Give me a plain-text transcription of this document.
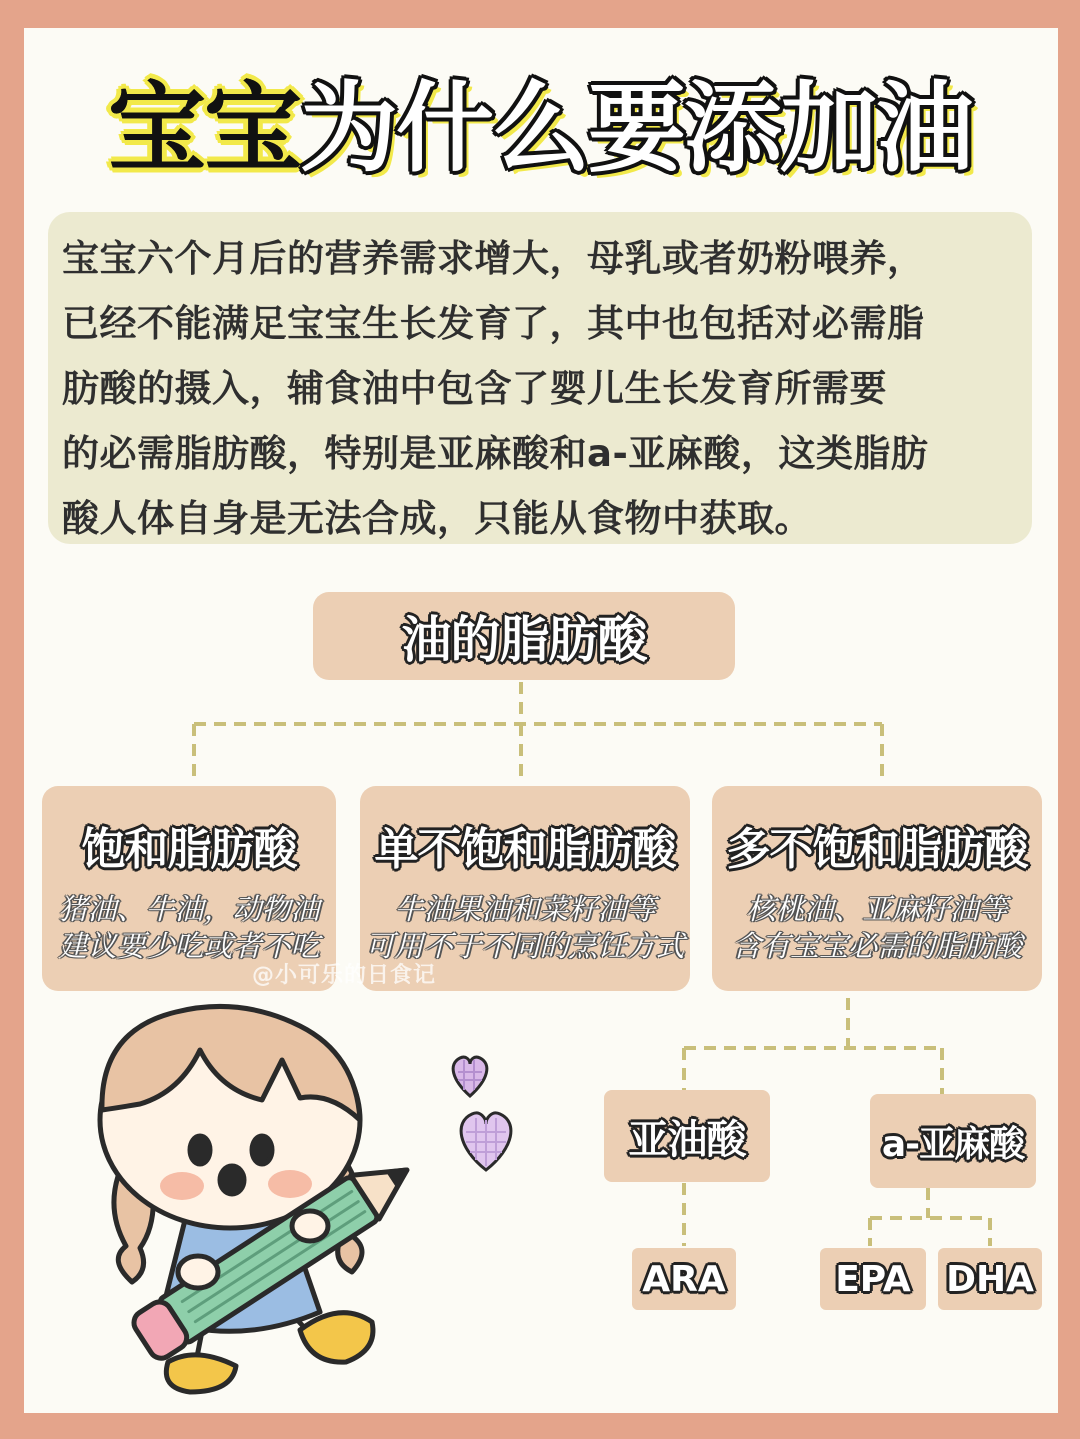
宝宝 为什么要添加油
宝宝六个月后的营养需求增大，母乳或者奶粉喂养，
已经不能满足宝宝生长发育了，其中也包括对必需脂
肪酸的摄入，辅食油中包含了婴儿生长发育所需要
的必需脂肪酸，特别是亚麻酸和a-亚麻酸，这类脂肪
酸人体自身是无法合成，只能从食物中获取。
油的脂肪酸
饱和脂肪酸
猪油、牛油，动物油
建议要少吃或者不吃
单不饱和脂肪酸
牛油果油和菜籽油等
可用不于不同的烹饪方式
多不饱和脂肪酸
核桃油、亚麻籽油等
含有宝宝必需的脂肪酸
@小可乐的日食记
亚油酸	a-亚麻酸
ARA	EPA DHA
